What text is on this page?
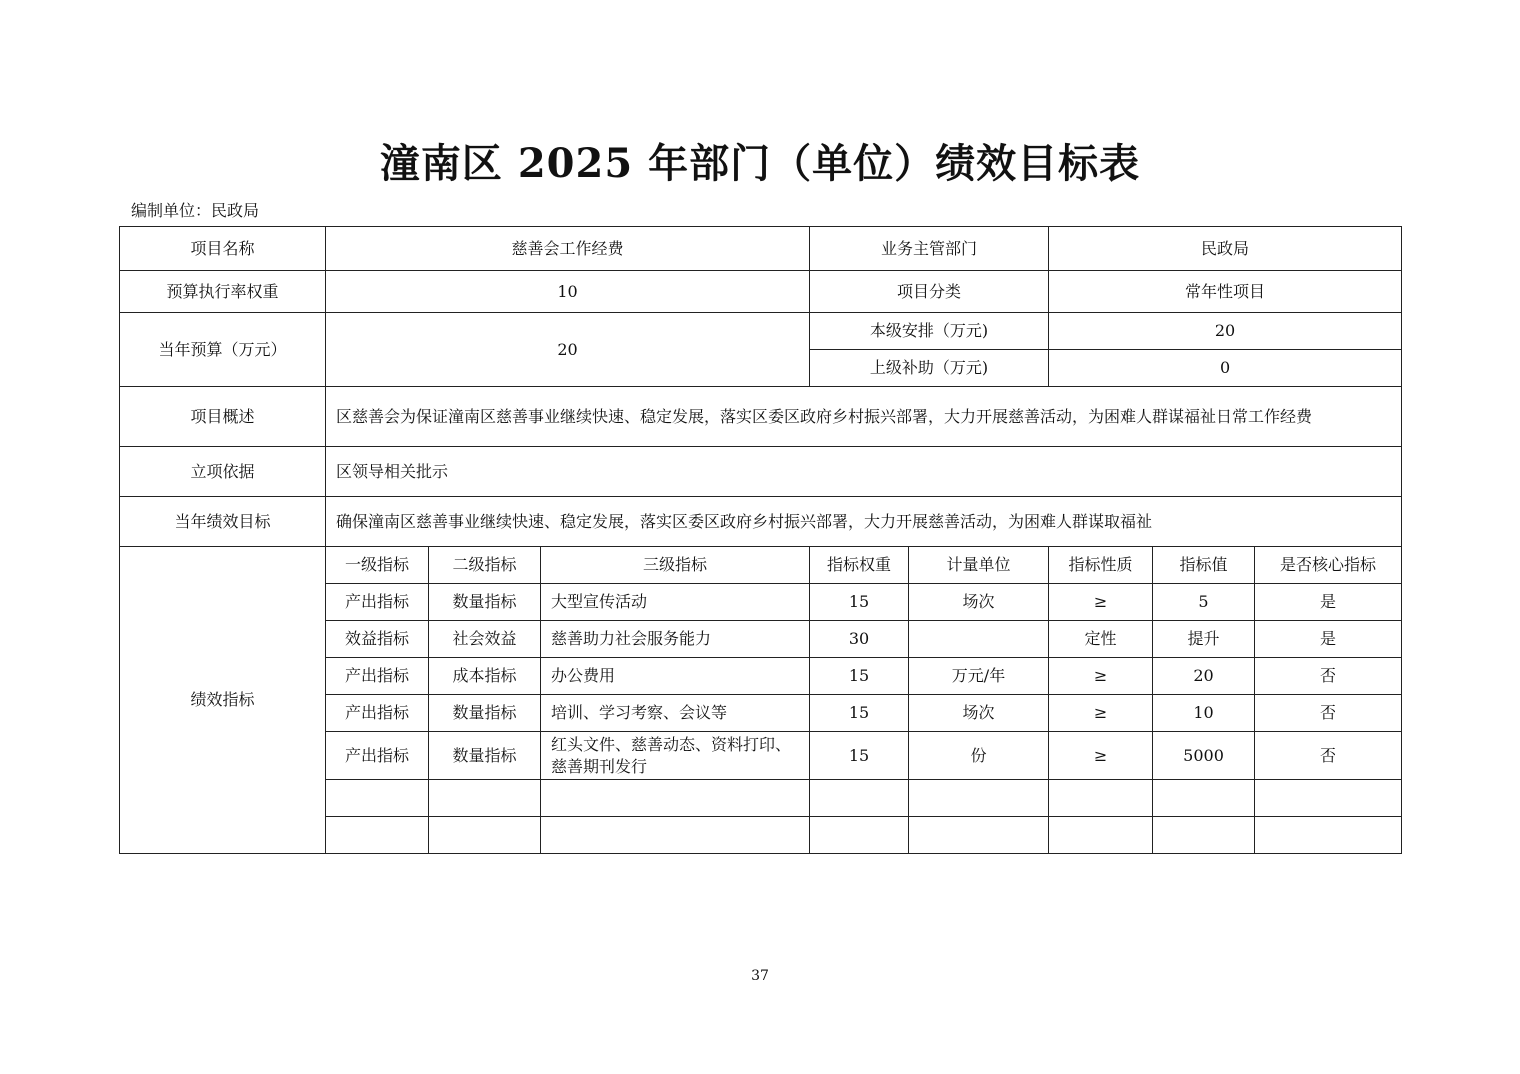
潼南区 2025 年部门（单位）绩效目标表
编制单位：民政局
项目名称	慈善会工作经费			业务主管部门		民政局		
预算执行率权重	10			项目分类		常年性项目		
当年预算（万元）	20			本级安排（万元)		20		
				上级补助（万元)		0		
项目概述	区慈善会为保证潼南区慈善事业继续快速、稳定发展，落实区委区政府乡村振兴部署，大力开展慈善活动，为困难人群谋福祉日常工作经费							
立项依据	区领导相关批示							
当年绩效目标	确保潼南区慈善事业继续快速、稳定发展，落实区委区政府乡村振兴部署，大力开展慈善活动，为困难人群谋取福祉							
绩效指标	一级指标	二级指标	三级指标	指标权重	计量单位	指标性质	指标值	是否核心指标
	产出指标	数量指标	大型宣传活动	15	场次	≥	5	是
	效益指标	社会效益	慈善助力社会服务能力	30		定性	提升	是
	产出指标	成本指标	办公费用	15	万元/年	≥	20	否
	产出指标	数量指标	培训、学习考察、会议等	15	场次	≥	10	否
	产出指标	数量指标	红头文件、慈善动态、资料打印、慈善期刊发行	15	份	≥	5000	否

37
